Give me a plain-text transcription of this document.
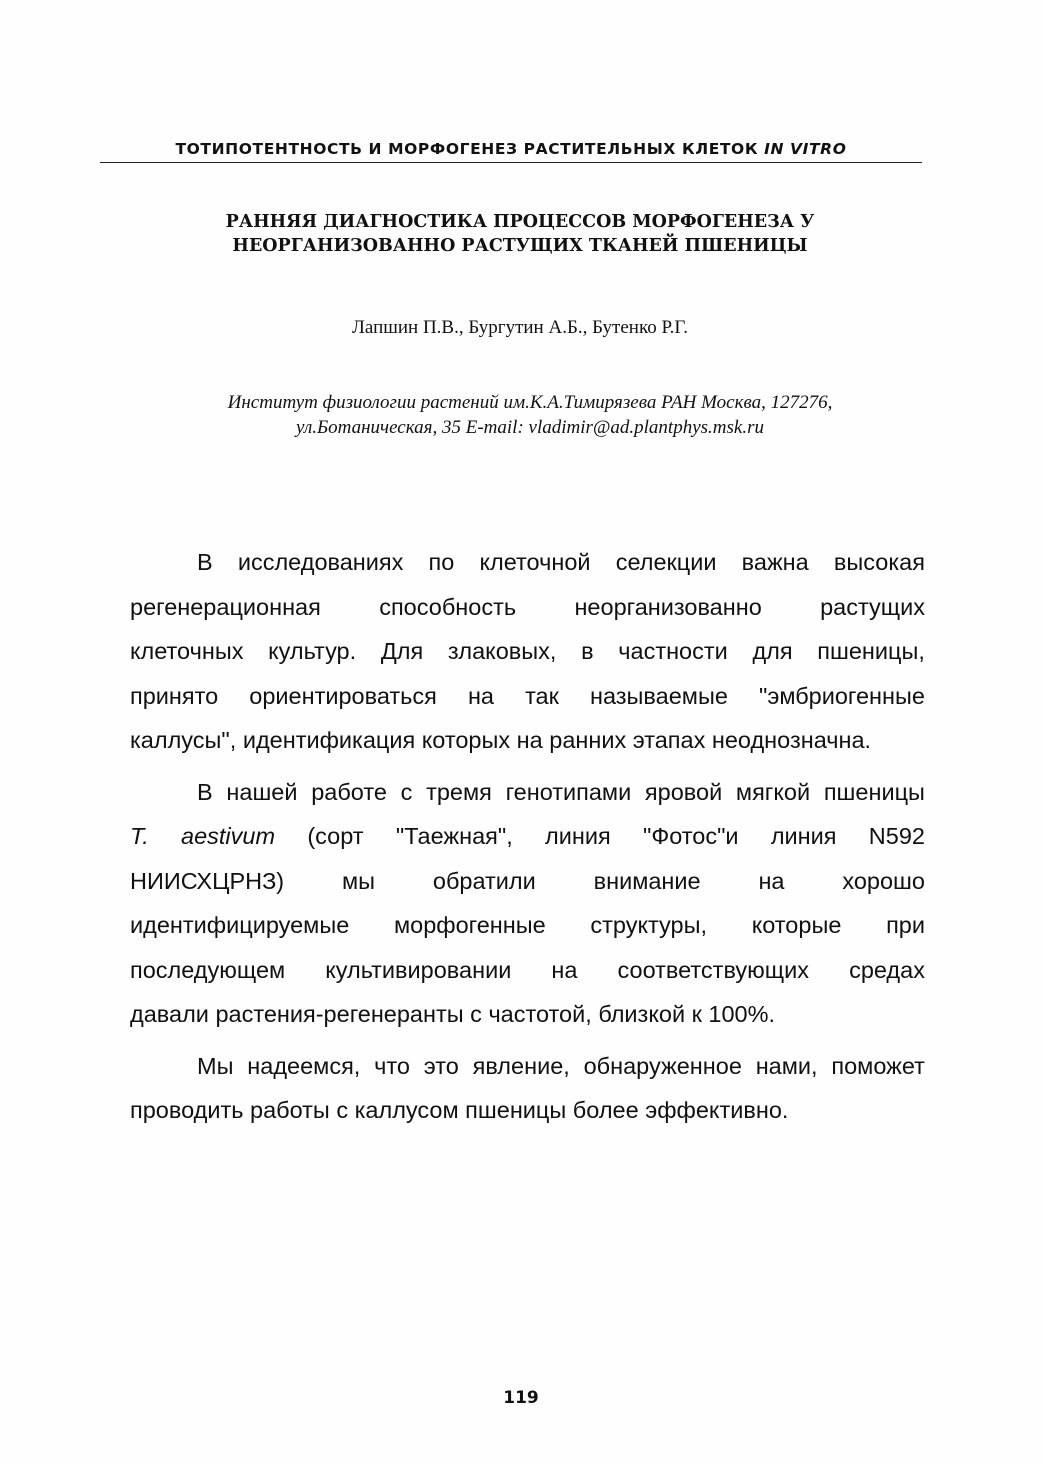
ТОТИПОТЕНТНОСТЬ И МОРФОГЕНЕЗ РАСТИТЕЛЬНЫХ КЛЕТОК IN VITRO
РАННЯЯ ДИАГНОСТИКА ПРОЦЕССОВ МОРФОГЕНЕЗА У
НЕОРГАНИЗОВАННО РАСТУЩИХ ТКАНЕЙ ПШЕНИЦЫ
Лапшин П.В., Бургутин А.Б., Бутенко Р.Г.
Институт физиологии растений им.К.А.Тимирязева РАН Москва, 127276,
ул.Ботаническая, 35 E-mail: vladimir@ad.plantphys.msk.ru
В исследованиях по клеточной селекции важна высокая
регенерационная способность неорганизованно растущих
клеточных культур. Для злаковых, в частности для пшеницы,
принято ориентироваться на так называемые "эмбриогенные
каллусы", идентификация которых на ранних этапах неоднозначна.
В нашей работе с тремя генотипами яровой мягкой пшеницы
T. aestivum (сорт "Таежная", линия "Фотос"и линия N592
НИИСХЦРНЗ) мы обратили внимание на хорошо
идентифицируемые морфогенные структуры, которые при
последующем культивировании на соответствующих средах
давали растения-регенеранты с частотой, близкой к 100%.
Мы надеемся, что это явление, обнаруженное нами, поможет
проводить работы с каллусом пшеницы более эффективно.
119
